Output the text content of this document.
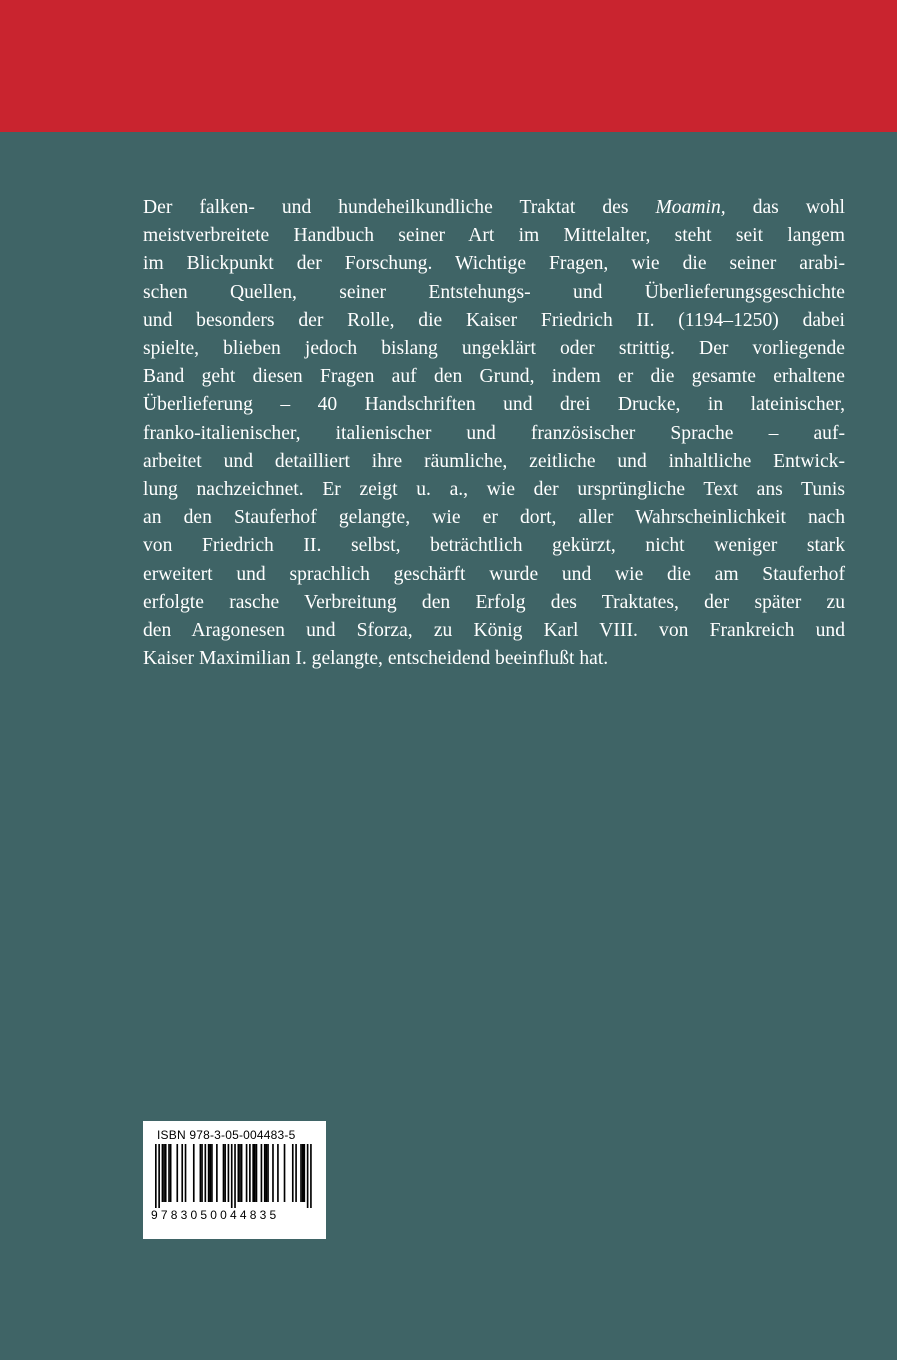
Der falken- und hundeheilkundliche Traktat des Moamin, das wohl
meistverbreitete Handbuch seiner Art im Mittelalter, steht seit langem
im Blickpunkt der Forschung. Wichtige Fragen, wie die seiner arabi-
schen Quellen, seiner Entstehungs- und Überlieferungsgeschichte
und besonders der Rolle, die Kaiser Friedrich II. (1194–1250) dabei
spielte, blieben jedoch bislang ungeklärt oder strittig. Der vorliegende
Band geht diesen Fragen auf den Grund, indem er die gesamte erhaltene
Überlieferung – 40 Handschriften und drei Drucke, in lateinischer,
franko-italienischer, italienischer und französischer Sprache – auf-
arbeitet und detailliert ihre räumliche, zeitliche und inhaltliche Entwick-
lung nachzeichnet. Er zeigt u. a., wie der ursprüngliche Text ans Tunis
an den Stauferhof gelangte, wie er dort, aller Wahrscheinlichkeit nach
von Friedrich II. selbst, beträchtlich gekürzt, nicht weniger stark
erweitert und sprachlich geschärft wurde und wie die am Stauferhof
erfolgte rasche Verbreitung den Erfolg des Traktates, der später zu
den Aragonesen und Sforza, zu König Karl VIII. von Frankreich und
Kaiser Maximilian I. gelangte, entscheidend beeinflußt hat.

ISBN 978-3-05-004483-5
9783050044835
